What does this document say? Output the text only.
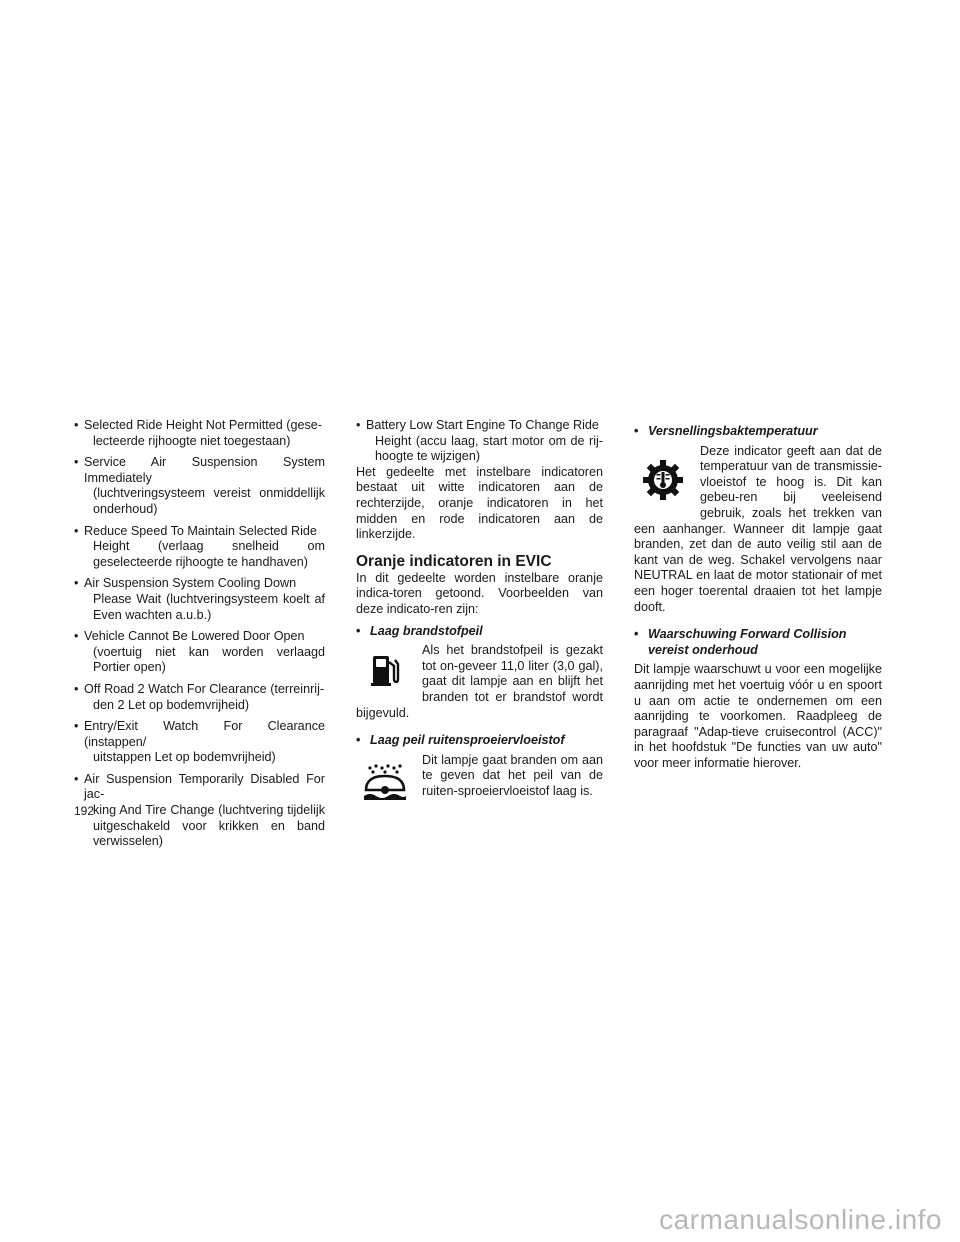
• Selected Ride Height Not Permitted (gese-
lecteerde rijhoogte niet toegestaan)
• Service Air Suspension System Immediately
(luchtveringsysteem vereist onmiddellijk onderhoud)
• Reduce Speed To Maintain Selected Ride
Height (verlaag snelheid om geselecteerde rijhoogte te handhaven)
• Air Suspension System Cooling Down
Please Wait (luchtveringsysteem koelt af Even wachten a.u.b.)
• Vehicle Cannot Be Lowered Door Open
(voertuig niet kan worden verlaagd Portier open)
• Off Road 2 Watch For Clearance (terreinrij-
den 2 Let op bodemvrijheid)
• Entry/Exit Watch For Clearance (instappen/
uitstappen Let op bodemvrijheid)
• Air Suspension Temporarily Disabled For jac-
king And Tire Change (luchtvering tijdelijk uitgeschakeld voor krikken en band verwisselen)
• Battery Low Start Engine To Change Ride
Height (accu laag, start motor om de rij-hoogte te wijzigen)

Het gedeelte met instelbare indicatoren bestaat uit witte indicatoren aan de rechterzijde, oranje indicatoren in het midden en rode indicatoren aan de linkerzijde.

Oranje indicatoren in EVIC

In dit gedeelte worden instelbare oranje indica-toren getoond. Voorbeelden van deze indicato-ren zijn:

• Laag brandstofpeil

Als het brandstofpeil is gezakt tot on-geveer 11,0 liter (3,0 gal), gaat dit lampje aan en blijft het branden tot er brandstof wordt bijgevuld.

• Laag peil ruitensproeiervloeistof

Dit lampje gaat branden om aan te geven dat het peil van de ruiten-sproeiervloeistof laag is.

• Versnellingsbaktemperatuur

Deze indicator geeft aan dat de temperatuur van de transmissie-vloeistof te hoog is. Dit kan gebeu-ren bij veeleisend gebruik, zoals het trekken van een aanhanger. Wanneer dit lampje gaat branden, zet dan de auto veilig stil aan de kant van de weg. Schakel vervolgens naar NEUTRAL en laat de motor stationair of met een hoger toerental draaien tot het lampje dooft.

• Waarschuwing Forward Collision vereist onderhoud

Dit lampje waarschuwt u voor een mogelijke aanrijding met het voertuig vóór u en spoort u aan om actie te ondernemen om een aanrijding te voorkomen. Raadpleeg de paragraaf "Adap-tieve cruisecontrol (ACC)" in het hoofdstuk "De functies van uw auto" voor meer informatie hierover.

192
carmanualsonline.info
